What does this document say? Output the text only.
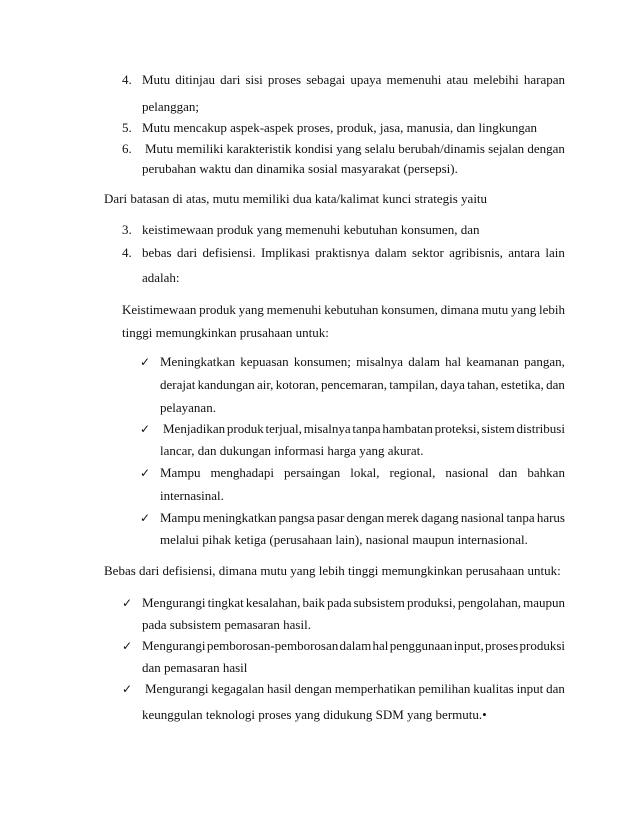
4. Mutu ditinjau dari sisi proses sebagai upaya memenuhi atau melebihi harapan
pelanggan;
5. Mutu mencakup aspek-aspek proses, produk, jasa, manusia, dan lingkungan
6. Mutu memiliki karakteristik kondisi yang selalu berubah/dinamis sejalan dengan
perubahan waktu dan dinamika sosial masyarakat (persepsi).
Dari batasan di atas, mutu memiliki dua kata/kalimat kunci strategis yaitu
3. keistimewaan produk yang memenuhi kebutuhan konsumen, dan
4. bebas dari defisiensi. Implikasi praktisnya dalam sektor agribisnis, antara lain
adalah:
Keistimewaan produk yang memenuhi kebutuhan konsumen, dimana mutu yang lebih
tinggi memungkinkan prusahaan untuk:
✓ Meningkatkan kepuasan konsumen; misalnya dalam hal keamanan pangan,
derajat kandungan air, kotoran, pencemaran, tampilan, daya tahan, estetika, dan
pelayanan.
✓ Menjadikan produk terjual, misalnya tanpa hambatan proteksi, sistem distribusi
lancar, dan dukungan informasi harga yang akurat.
✓ Mampu menghadapi persaingan lokal, regional, nasional dan bahkan
internasinal.
✓ Mampu meningkatkan pangsa pasar dengan merek dagang nasional tanpa harus
melalui pihak ketiga (perusahaan lain), nasional maupun internasional.
Bebas dari defisiensi, dimana mutu yang lebih tinggi memungkinkan perusahaan untuk:
✓ Mengurangi tingkat kesalahan, baik pada subsistem produksi, pengolahan, maupun
pada subsistem pemasaran hasil.
✓ Mengurangi pemborosan-pemborosan dalam hal penggunaan input, proses produksi
dan pemasaran hasil
✓ Mengurangi kegagalan hasil dengan memperhatikan pemilihan kualitas input dan
keunggulan teknologi proses yang didukung SDM yang bermutu.•
